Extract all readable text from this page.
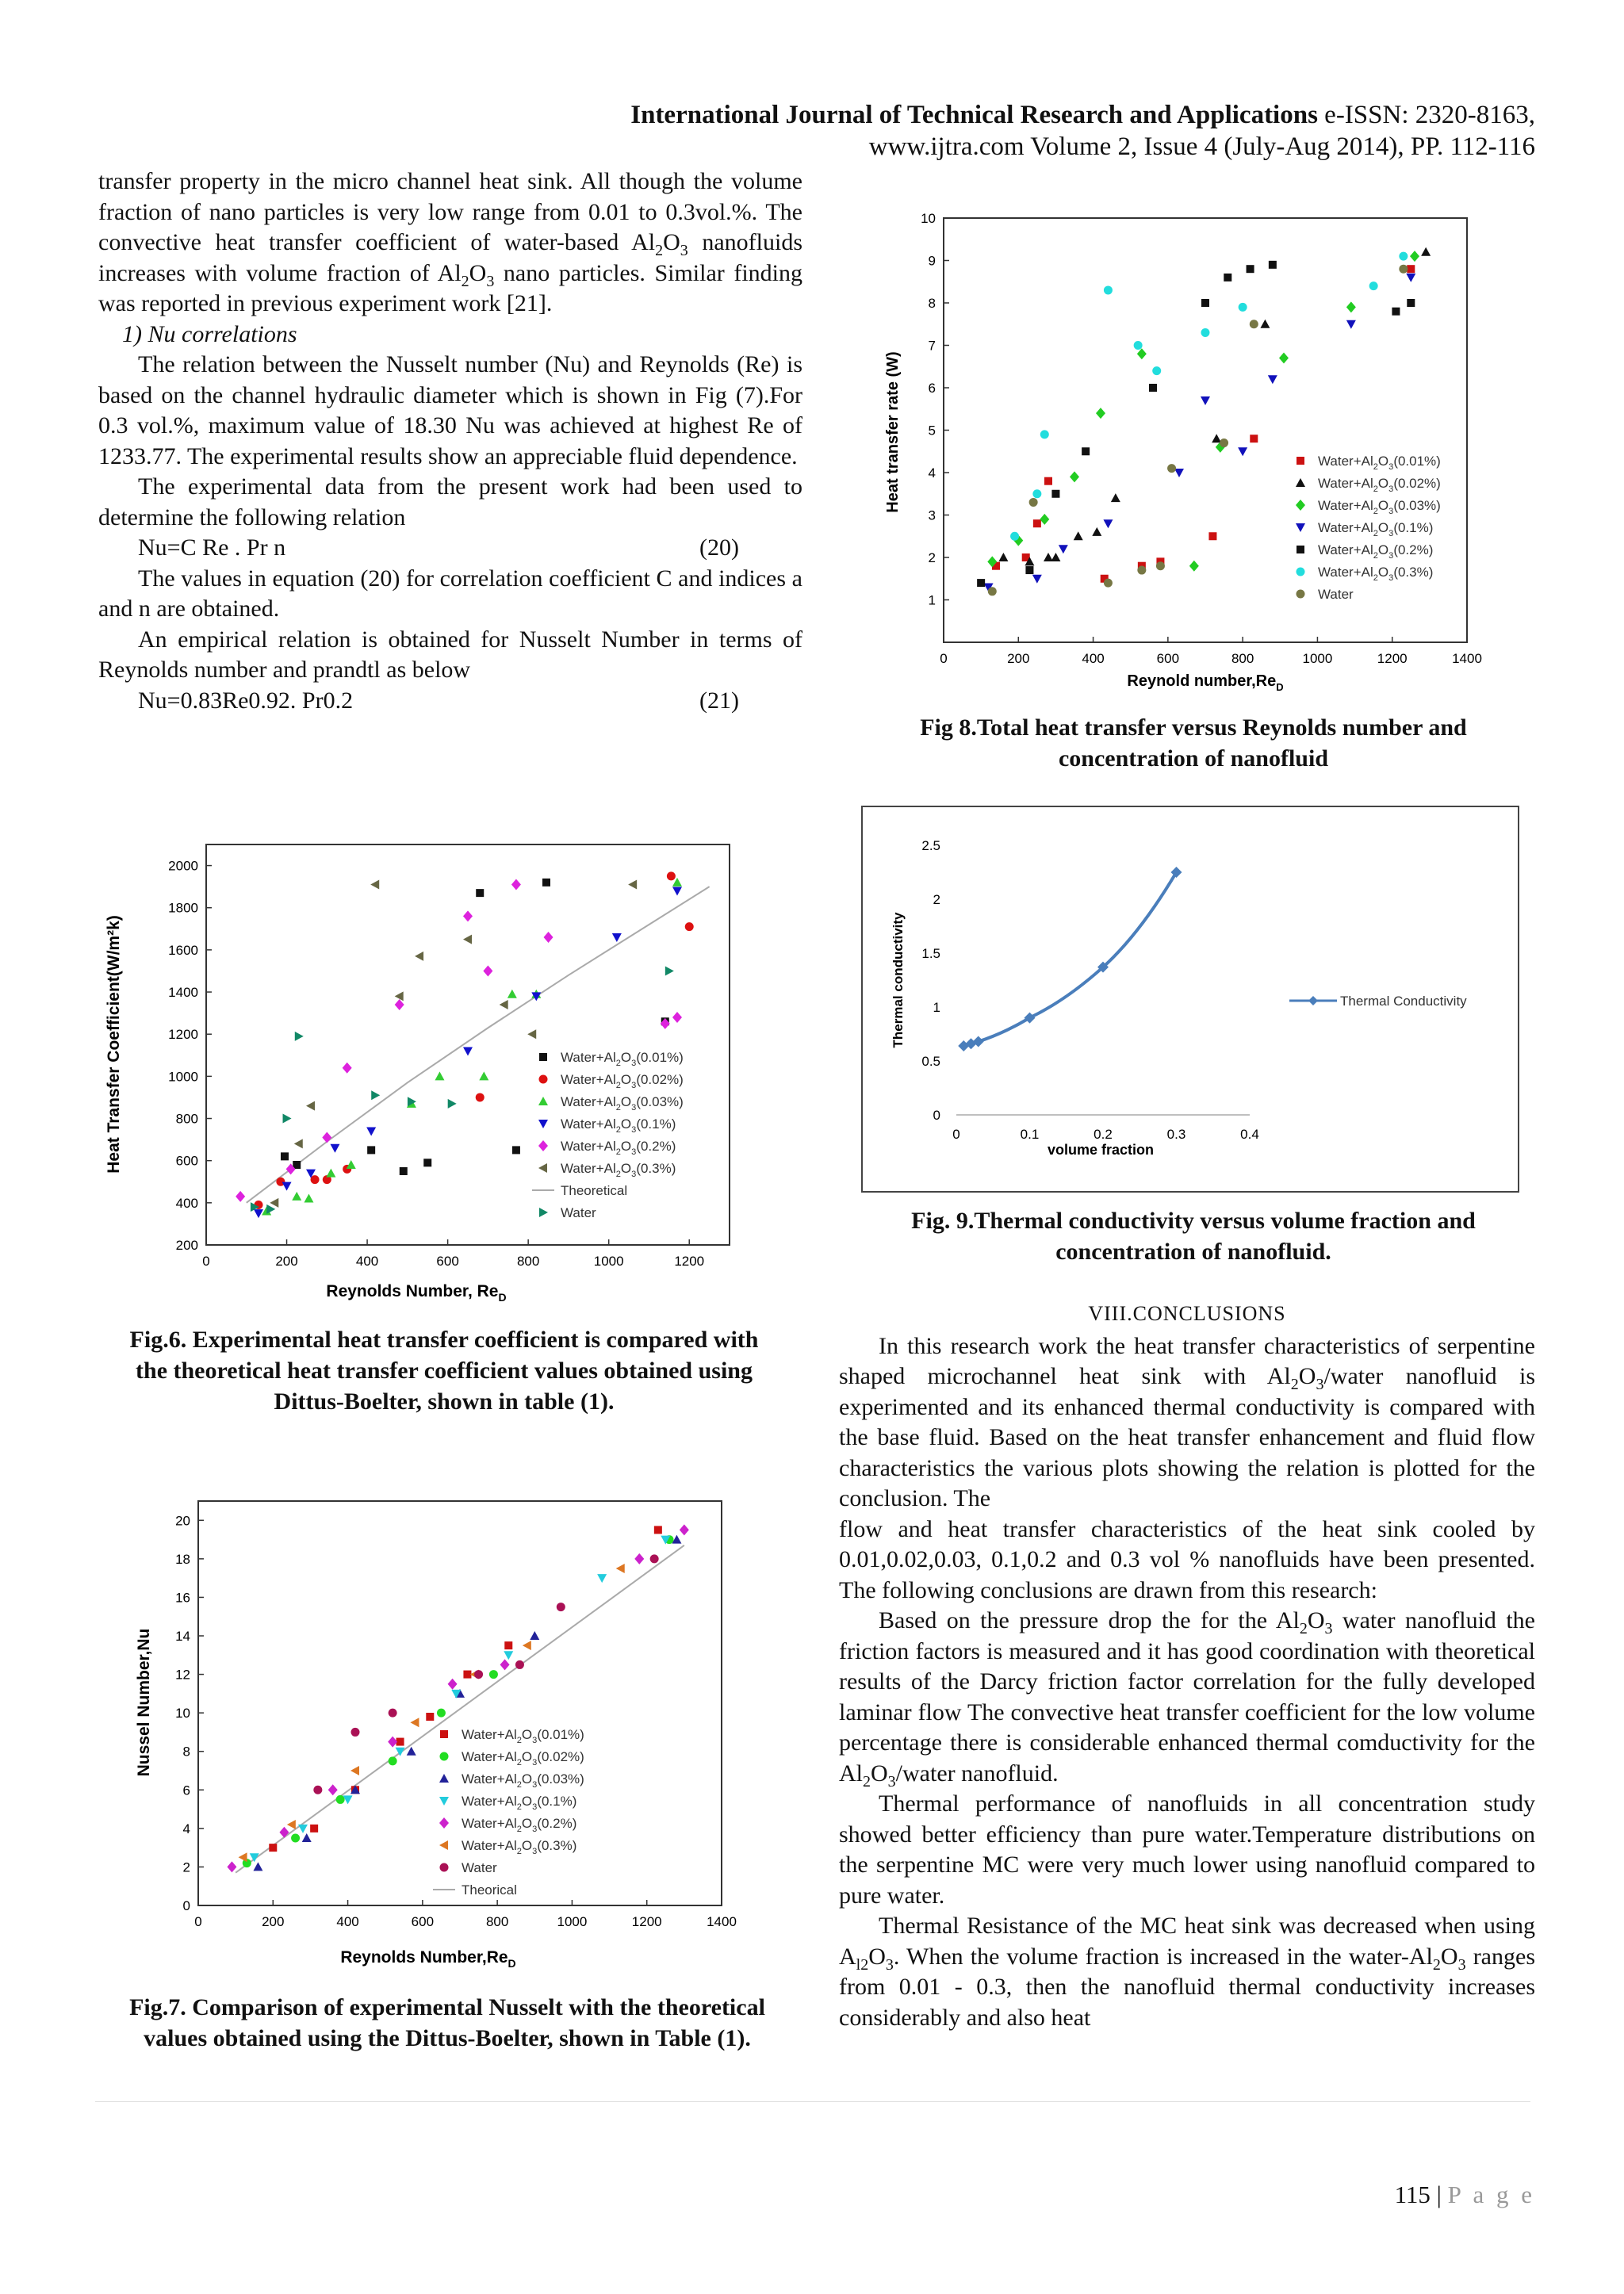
International Journal of Technical Research and Applications e-ISSN: 2320-8163,
www.ijtra.com Volume 2, Issue 4 (July-Aug 2014), PP. 112-116

transfer property in the micro channel heat sink. All though the volume fraction of nano particles is very low range from 0.01 to 0.3vol.%. The convective heat transfer coefficient of water-based $Al_2O_3$ nanofluids increases with volume fraction of $Al_2O_3$ nano particles. Similar finding was reported in previous experiment work [21].

1) Nu correlations

The relation between the Nusselt number (Nu) and Reynolds (Re) is based on the channel hydraulic diameter which is shown in Fig (7).For 0.3 vol.%, maximum value of 18.30 Nu was achieved at highest Re of 1233.77. The experimental results show an appreciable fluid dependence.

The experimental data from the present work had been used to determine the following relation

Nu=C Re . Pr n	(20)

The values in equation (20) for correlation coefficient C and indices a and n are obtained.

An empirical relation is obtained for Nusselt Number in terms of Reynolds number and prandtl as below

Nu=0.83Re0.92. Pr0.2	(21)
Heat Transfer Coefficient(W/m²k)
Reynolds Number, $Re_D$
0	200	400	600	800	1000	1200
200
400
600
800
1000
1200
1400
1600
1800
2000
$Water+Al_2O_3(0.01\%)$
$Water+Al_2O_3(0.02\%)$
$Water+Al_2O_3(0.03\%)$
$Water+Al_2O_3(0.1\%)$
$Water+Al_2O_3(0.2\%)$
$Water+Al_2O_3(0.3\%)$
Theoretical
Water
Fig.6. Experimental heat transfer coefficient is compared with the theoretical heat transfer coefficient values obtained using Dittus-Boelter, shown in table (1).
Nussel Number,Nu
Reynolds $Number,Re_D$
0	200	400	600	800	1000	1200	1400
0
2
4
6
8
10
12
14
16
18
20
$Water+Al_2O_3(0.01\%)$
$Water+Al_2O_3(0.02\%)$
$Water+Al_2O_3(0.03\%)$
$Water+Al_2O_3(0.1\%)$
$Water+Al_2O_3(0.2\%)$
$Water+Al_2O_3(0.3\%)$
Water
Theorical
Fig.7. Comparison of experimental Nusselt with the theoretical values obtained using the Dittus-Boelter, shown in Table (1).
Heat transfer rate (W)
Reynold $number,Re_D$
0	200	400	600	800	1000	1200	1400
1
2
3
4
5
6
7
8
9
10
$Water+Al_2O_3(0.01\%)$
$Water+Al_2O_3(0.02\%)$
$Water+Al_2O_3(0.03\%)$
$Water+Al_2O_3(0.1\%)$
$Water+Al_2O_3(0.2\%)$
$Water+Al_2O_3(0.3\%)$
Water
Fig 8.Total heat transfer versus Reynolds number and concentration of nanofluid
Thermal conductivity
volume fraction
0	0.1	0.2	0.3	0.4
0
0.5
1
1.5
2
2.5
Thermal Conductivity
Fig. 9.Thermal conductivity versus volume fraction and concentration of nanofluid.

VIII.CONCLUSIONS

In this research work the heat transfer characteristics of serpentine shaped microchannel heat sink with $Al_2O_3$/water nanofluid is experimented and its enhanced thermal conductivity is compared with the base fluid. Based on the heat transfer enhancement and fluid flow characteristics the various plots showing the relation is plotted for the conclusion. The

flow and heat transfer characteristics of the heat sink cooled by 0.01,0.02,0.03, 0.1,0.2 and 0.3 vol % nanofluids have been presented. The following conclusions are drawn from this research:

Based on the pressure drop the for the $Al_2O_3$ water nanofluid the friction factors is measured and it has good coordination with theoretical results of the Darcy friction factor correlation for the fully developed laminar flow The convective heat transfer coefficient for the low volume percentage there is considerable enhanced thermal comductivity for the $Al_2O_3$/water nanofluid.

Thermal performance of nanofluids in all concentration study showed better efficiency than pure water.Temperature distributions on the serpentine MC were very much lower using nanofluid compared to pure water.

Thermal Resistance of the MC heat sink was decreased when using $A_{l2}O_3$. When the volume fraction is increased in the water-$Al_2O_3$ ranges from 0.01 - 0.3, then the nanofluid thermal conductivity increases considerably and also heat

115 | P a g e
